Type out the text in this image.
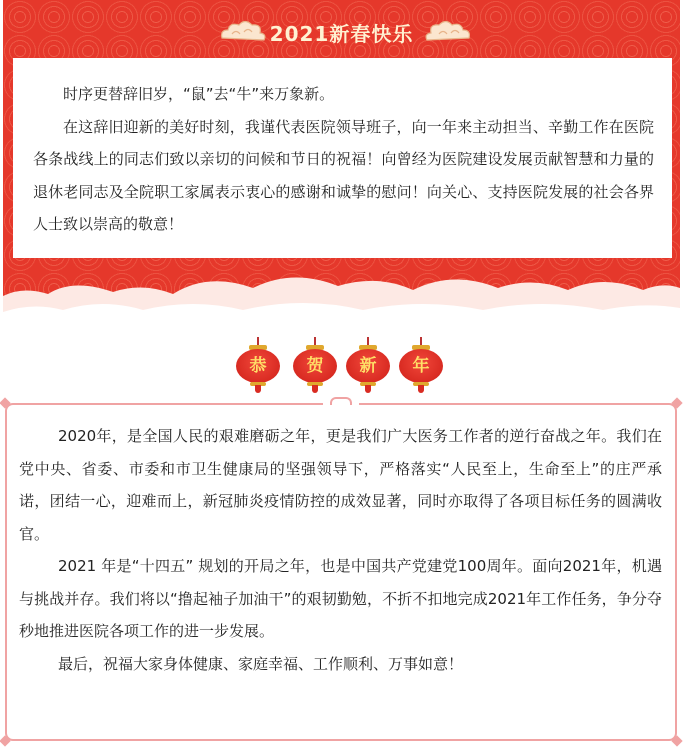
2021新春快乐

时序更替辞旧岁，“鼠”去“牛”来万象新。

在这辞旧迎新的美好时刻，我谨代表医院领导班子，向一年来主动担当、辛勤工作在医院各条战线上的同志们致以亲切的问候和节日的祝福！向曾经为医院建设发展贡献智慧和力量的退休老同志及全院职工家属表示衷心的感谢和诚挚的慰问！向关心、支持医院发展的社会各界人士致以崇高的敬意！

恭	贺	新	年

2020年，是全国人民的艰难磨砺之年，更是我们广大医务工作者的逆行奋战之年。我们在党中央、省委、市委和市卫生健康局的坚强领导下，严格落实“人民至上，生命至上”的庄严承诺，团结一心，迎难而上，新冠肺炎疫情防控的成效显著，同时亦取得了各项目标任务的圆满收官。

2021 年是“十四五” 规划的开局之年，也是中国共产党建党100周年。面向2021年，机遇与挑战并存。我们将以“撸起袖子加油干”的艰韧勤勉，不折不扣地完成2021年工作任务，争分夺秒地推进医院各项工作的进一步发展。

最后，祝福大家身体健康、家庭幸福、工作顺利、万事如意！
